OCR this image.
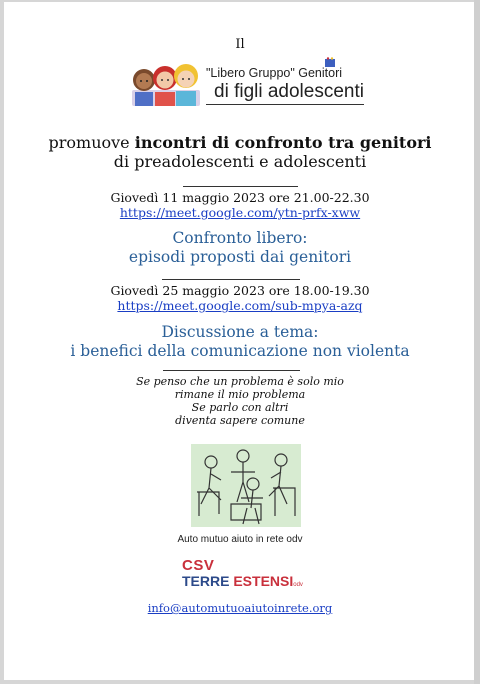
Il
"Libero Gruppo" Genitori
di figli adolescenti
promuove incontri di confronto tra genitori
di preadolescenti e adolescenti
Giovedì 11 maggio 2023 ore 21.00-22.30
https://meet.google.com/ytn-prfx-xww
Confronto libero:
episodi proposti dai genitori
Giovedì 25 maggio 2023 ore 18.00-19.30
https://meet.google.com/sub-mpya-azq
Discussione a tema:
i benefici della comunicazione non violenta
Se penso che un problema è solo mio
rimane il mio problema
Se parlo con altri
diventa sapere comune
Auto mutuo aiuto in rete odv
CSV
TERRE ESTENSIodv
info@automutuoaiutoinrete.org
